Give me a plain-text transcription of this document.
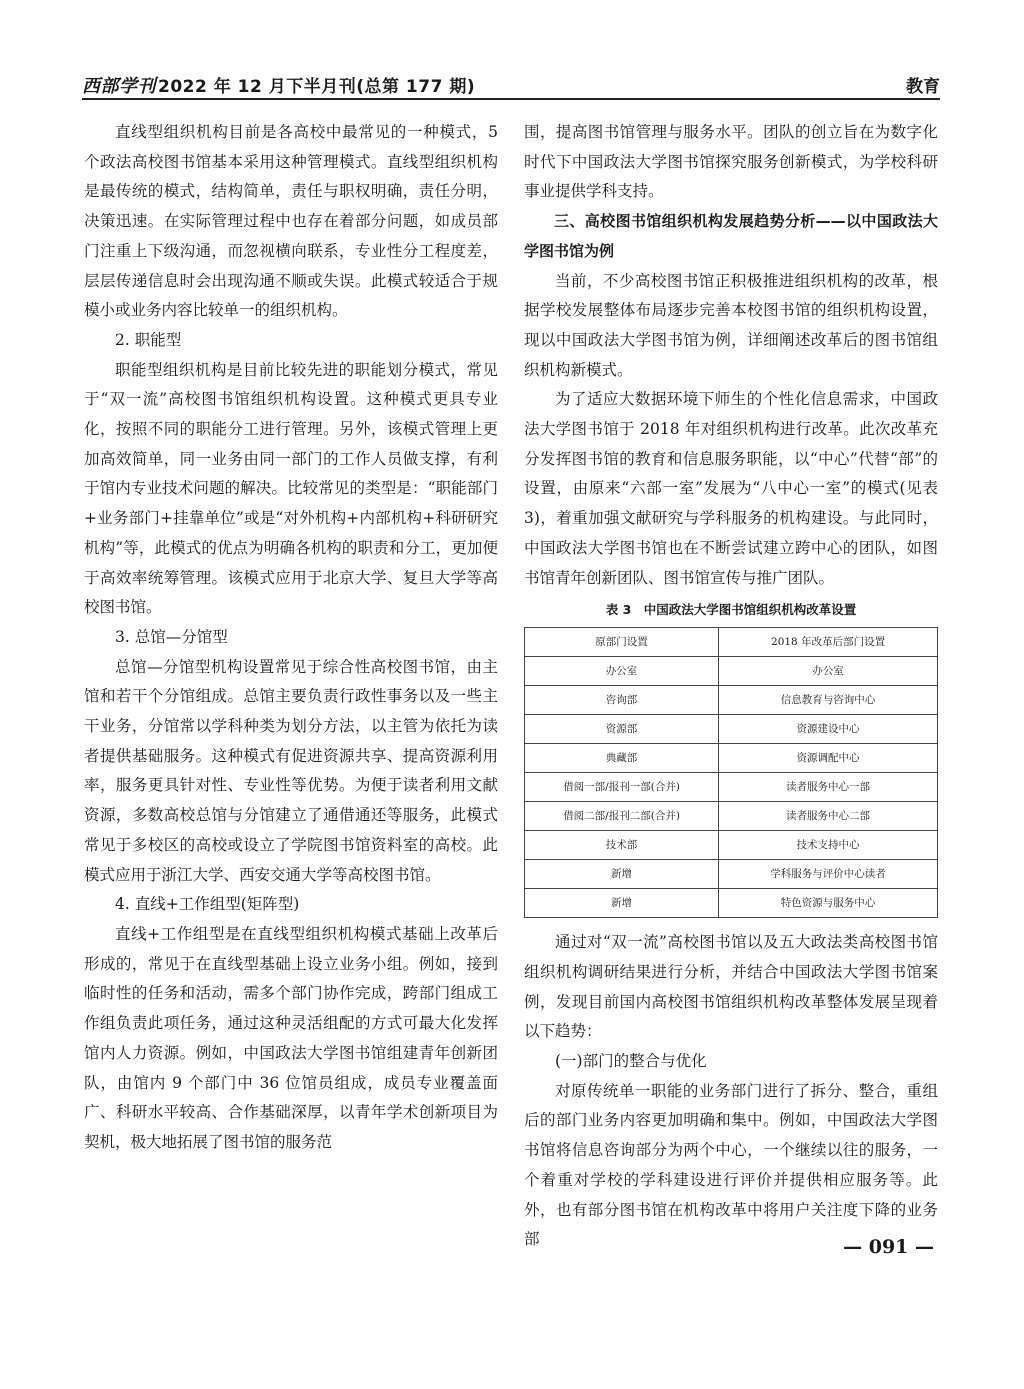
西部学刊 2022 年 12 月下半月刊(总第 177 期)	教育

直线型组织机构目前是各高校中最常见的一种模式，5 个政法高校图书馆基本采用这种管理模式。直线型组织机构是最传统的模式，结构简单，责任与职权明确，责任分明，决策迅速。在实际管理过程中也存在着部分问题，如成员部门注重上下级沟通，而忽视横向联系，专业性分工程度差，层层传递信息时会出现沟通不顺或失误。此模式较适合于规模小或业务内容比较单一的组织机构。

2. 职能型

职能型组织机构是目前比较先进的职能划分模式，常见于“双一流”高校图书馆组织机构设置。这种模式更具专业化，按照不同的职能分工进行管理。另外，该模式管理上更加高效简单，同一业务由同一部门的工作人员做支撑，有利于馆内专业技术问题的解决。比较常见的类型是：“职能部门+业务部门+挂靠单位”或是“对外机构+内部机构+科研研究机构”等，此模式的优点为明确各机构的职责和分工，更加便于高效率统筹管理。该模式应用于北京大学、复旦大学等高校图书馆。

3. 总馆—分馆型

总馆—分馆型机构设置常见于综合性高校图书馆，由主馆和若干个分馆组成。总馆主要负责行政性事务以及一些主干业务，分馆常以学科种类为划分方法，以主管为依托为读者提供基础服务。这种模式有促进资源共享、提高资源利用率，服务更具针对性、专业性等优势。为便于读者利用文献资源，多数高校总馆与分馆建立了通借通还等服务，此模式常见于多校区的高校或设立了学院图书馆资料室的高校。此模式应用于浙江大学、西安交通大学等高校图书馆。

4. 直线+工作组型(矩阵型)

直线+工作组型是在直线型组织机构模式基础上改革后形成的，常见于在直线型基础上设立业务小组。例如，接到临时性的任务和活动，需多个部门协作完成，跨部门组成工作组负责此项任务，通过这种灵活组配的方式可最大化发挥馆内人力资源。例如，中国政法大学图书馆组建青年创新团队，由馆内 9 个部门中 36 位馆员组成，成员专业覆盖面广、科研水平较高、合作基础深厚，以青年学术创新项目为契机，极大地拓展了图书馆的服务范

围，提高图书馆管理与服务水平。团队的创立旨在为数字化时代下中国政法大学图书馆探究服务创新模式，为学校科研事业提供学科支持。

三、高校图书馆组织机构发展趋势分析——以中国政法大学图书馆为例

当前，不少高校图书馆正积极推进组织机构的改革，根据学校发展整体布局逐步完善本校图书馆的组织机构设置，现以中国政法大学图书馆为例，详细阐述改革后的图书馆组织机构新模式。

为了适应大数据环境下师生的个性化信息需求，中国政法大学图书馆于 2018 年对组织机构进行改革。此次改革充分发挥图书馆的教育和信息服务职能，以“中心”代替“部”的设置，由原来“六部一室”发展为“八中心一室”的模式(见表 3)，着重加强文献研究与学科服务的机构建设。与此同时，中国政法大学图书馆也在不断尝试建立跨中心的团队，如图书馆青年创新团队、图书馆宣传与推广团队。

表 3　中国政法大学图书馆组织机构改革设置
原部门设置	2018 年改革后部门设置
办公室	办公室
咨询部	信息教育与咨询中心
资源部	资源建设中心
典藏部	资源调配中心
借阅一部/报刊一部(合并)	读者服务中心一部
借阅二部/报刊二部(合并)	读者服务中心二部
技术部	技术支持中心
新增	学科服务与评价中心读者
新增	特色资源与服务中心

通过对“双一流”高校图书馆以及五大政法类高校图书馆组织机构调研结果进行分析，并结合中国政法大学图书馆案例，发现目前国内高校图书馆组织机构改革整体发展呈现着以下趋势：

(一)部门的整合与优化

对原传统单一职能的业务部门进行了拆分、整合，重组后的部门业务内容更加明确和集中。例如，中国政法大学图书馆将信息咨询部分为两个中心，一个继续以往的服务，一个着重对学校的学科建设进行评价并提供相应服务等。此外，也有部分图书馆在机构改革中将用户关注度下降的业务部	— 091 —
